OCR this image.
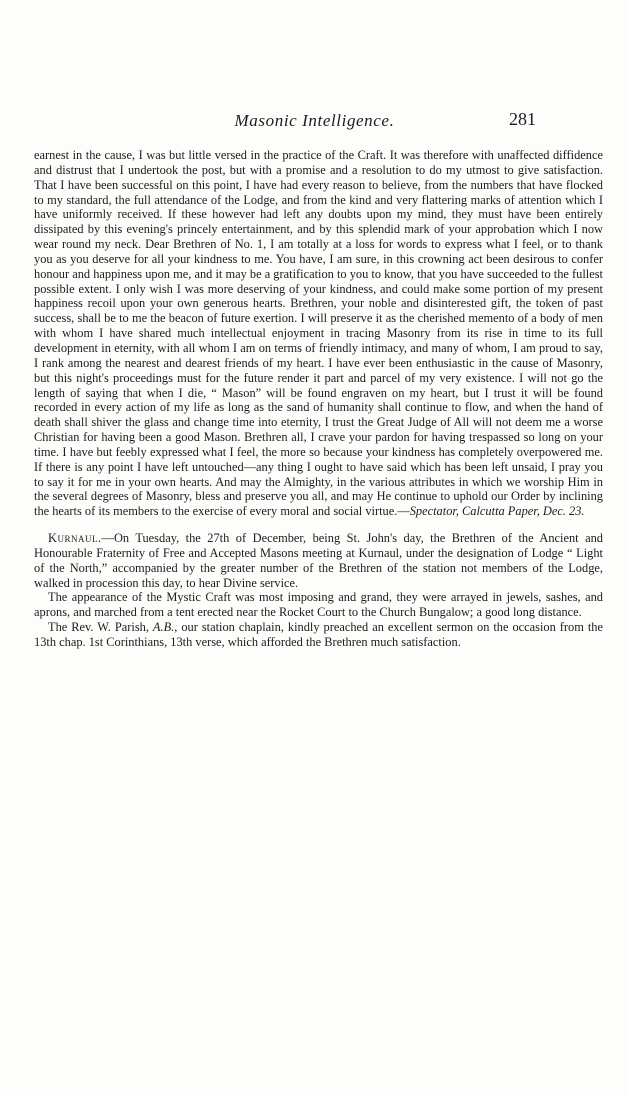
Masonic Intelligence.	281

earnest in the cause, I was but little versed in the practice of the Craft. It was therefore with unaffected diffidence and distrust that I undertook the post, but with a promise and a resolution to do my utmost to give satisfaction. That I have been successful on this point, I have had every reason to believe, from the numbers that have flocked to my standard, the full attendance of the Lodge, and from the kind and very flattering marks of attention which I have uniformly received. If these however had left any doubts upon my mind, they must have been entirely dissipated by this evening's princely entertainment, and by this splendid mark of your approbation which I now wear round my neck. Dear Brethren of No. 1, I am totally at a loss for words to express what I feel, or to thank you as you deserve for all your kindness to me. You have, I am sure, in this crowning act been desirous to confer honour and happiness upon me, and it may be a gratification to you to know, that you have succeeded to the fullest possible extent. I only wish I was more deserving of your kindness, and could make some portion of my present happiness recoil upon your own generous hearts. Brethren, your noble and disinterested gift, the token of past success, shall be to me the beacon of future exertion. I will preserve it as the cherished memento of a body of men with whom I have shared much intellectual enjoyment in tracing Masonry from its rise in time to its full development in eternity, with all whom I am on terms of friendly intimacy, and many of whom, I am proud to say, I rank among the nearest and dearest friends of my heart. I have ever been enthusiastic in the cause of Masonry, but this night's proceedings must for the future render it part and parcel of my very existence. I will not go the length of saying that when I die, “ Mason” will be found engraven on my heart, but I trust it will be found recorded in every action of my life as long as the sand of humanity shall continue to flow, and when the hand of death shall shiver the glass and change time into eternity, I trust the Great Judge of All will not deem me a worse Christian for having been a good Mason. Brethren all, I crave your pardon for having trespassed so long on your time. I have but feebly expressed what I feel, the more so because your kindness has completely overpowered me. If there is any point I have left untouched—any thing I ought to have said which has been left unsaid, I pray you to say it for me in your own hearts. And may the Almighty, in the various attributes in which we worship Him in the several degrees of Masonry, bless and preserve you all, and may He continue to uphold our Order by inclining the hearts of its members to the exercise of every moral and social virtue.—Spectator, Calcutta Paper, Dec. 23.

Kurnaul.—On Tuesday, the 27th of December, being St. John's day, the Brethren of the Ancient and Honourable Fraternity of Free and Accepted Masons meeting at Kurnaul, under the designation of Lodge “ Light of the North,” accompanied by the greater number of the Brethren of the station not members of the Lodge, walked in procession this day, to hear Divine service.

The appearance of the Mystic Craft was most imposing and grand, they were arrayed in jewels, sashes, and aprons, and marched from a tent erected near the Rocket Court to the Church Bungalow; a good long distance.

The Rev. W. Parish, A.B., our station chaplain, kindly preached an excellent sermon on the occasion from the 13th chap. 1st Corinthians, 13th verse, which afforded the Brethren much satisfaction.
